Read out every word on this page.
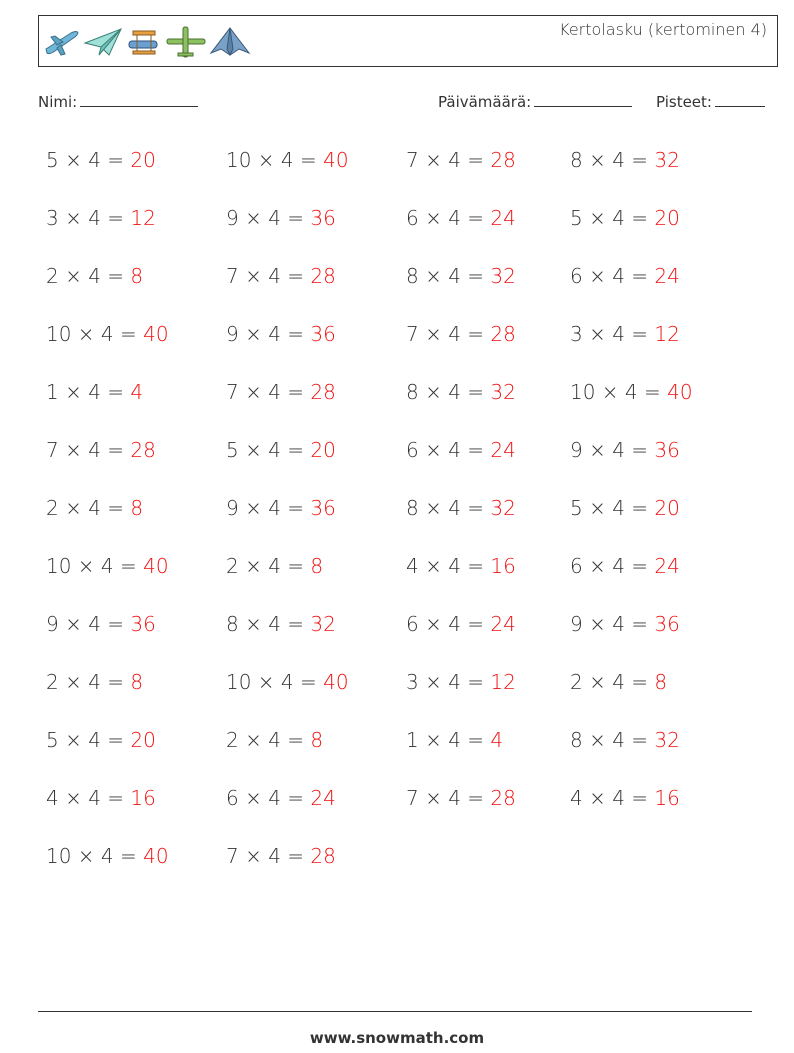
Kertolasku (kertominen 4)
Nimi:	Päivämäärä:	Pisteet:
5 × 4 = 20	10 × 4 = 40	7 × 4 = 28	8 × 4 = 32
3 × 4 = 12	9 × 4 = 36	6 × 4 = 24	5 × 4 = 20
2 × 4 = 8	7 × 4 = 28	8 × 4 = 32	6 × 4 = 24
10 × 4 = 40	9 × 4 = 36	7 × 4 = 28	3 × 4 = 12
1 × 4 = 4	7 × 4 = 28	8 × 4 = 32	10 × 4 = 40
7 × 4 = 28	5 × 4 = 20	6 × 4 = 24	9 × 4 = 36
2 × 4 = 8	9 × 4 = 36	8 × 4 = 32	5 × 4 = 20
10 × 4 = 40	2 × 4 = 8	4 × 4 = 16	6 × 4 = 24
9 × 4 = 36	8 × 4 = 32	6 × 4 = 24	9 × 4 = 36
2 × 4 = 8	10 × 4 = 40	3 × 4 = 12	2 × 4 = 8
5 × 4 = 20	2 × 4 = 8	1 × 4 = 4	8 × 4 = 32
4 × 4 = 16	6 × 4 = 24	7 × 4 = 28	4 × 4 = 16
10 × 4 = 40	7 × 4 = 28
www.snowmath.com
